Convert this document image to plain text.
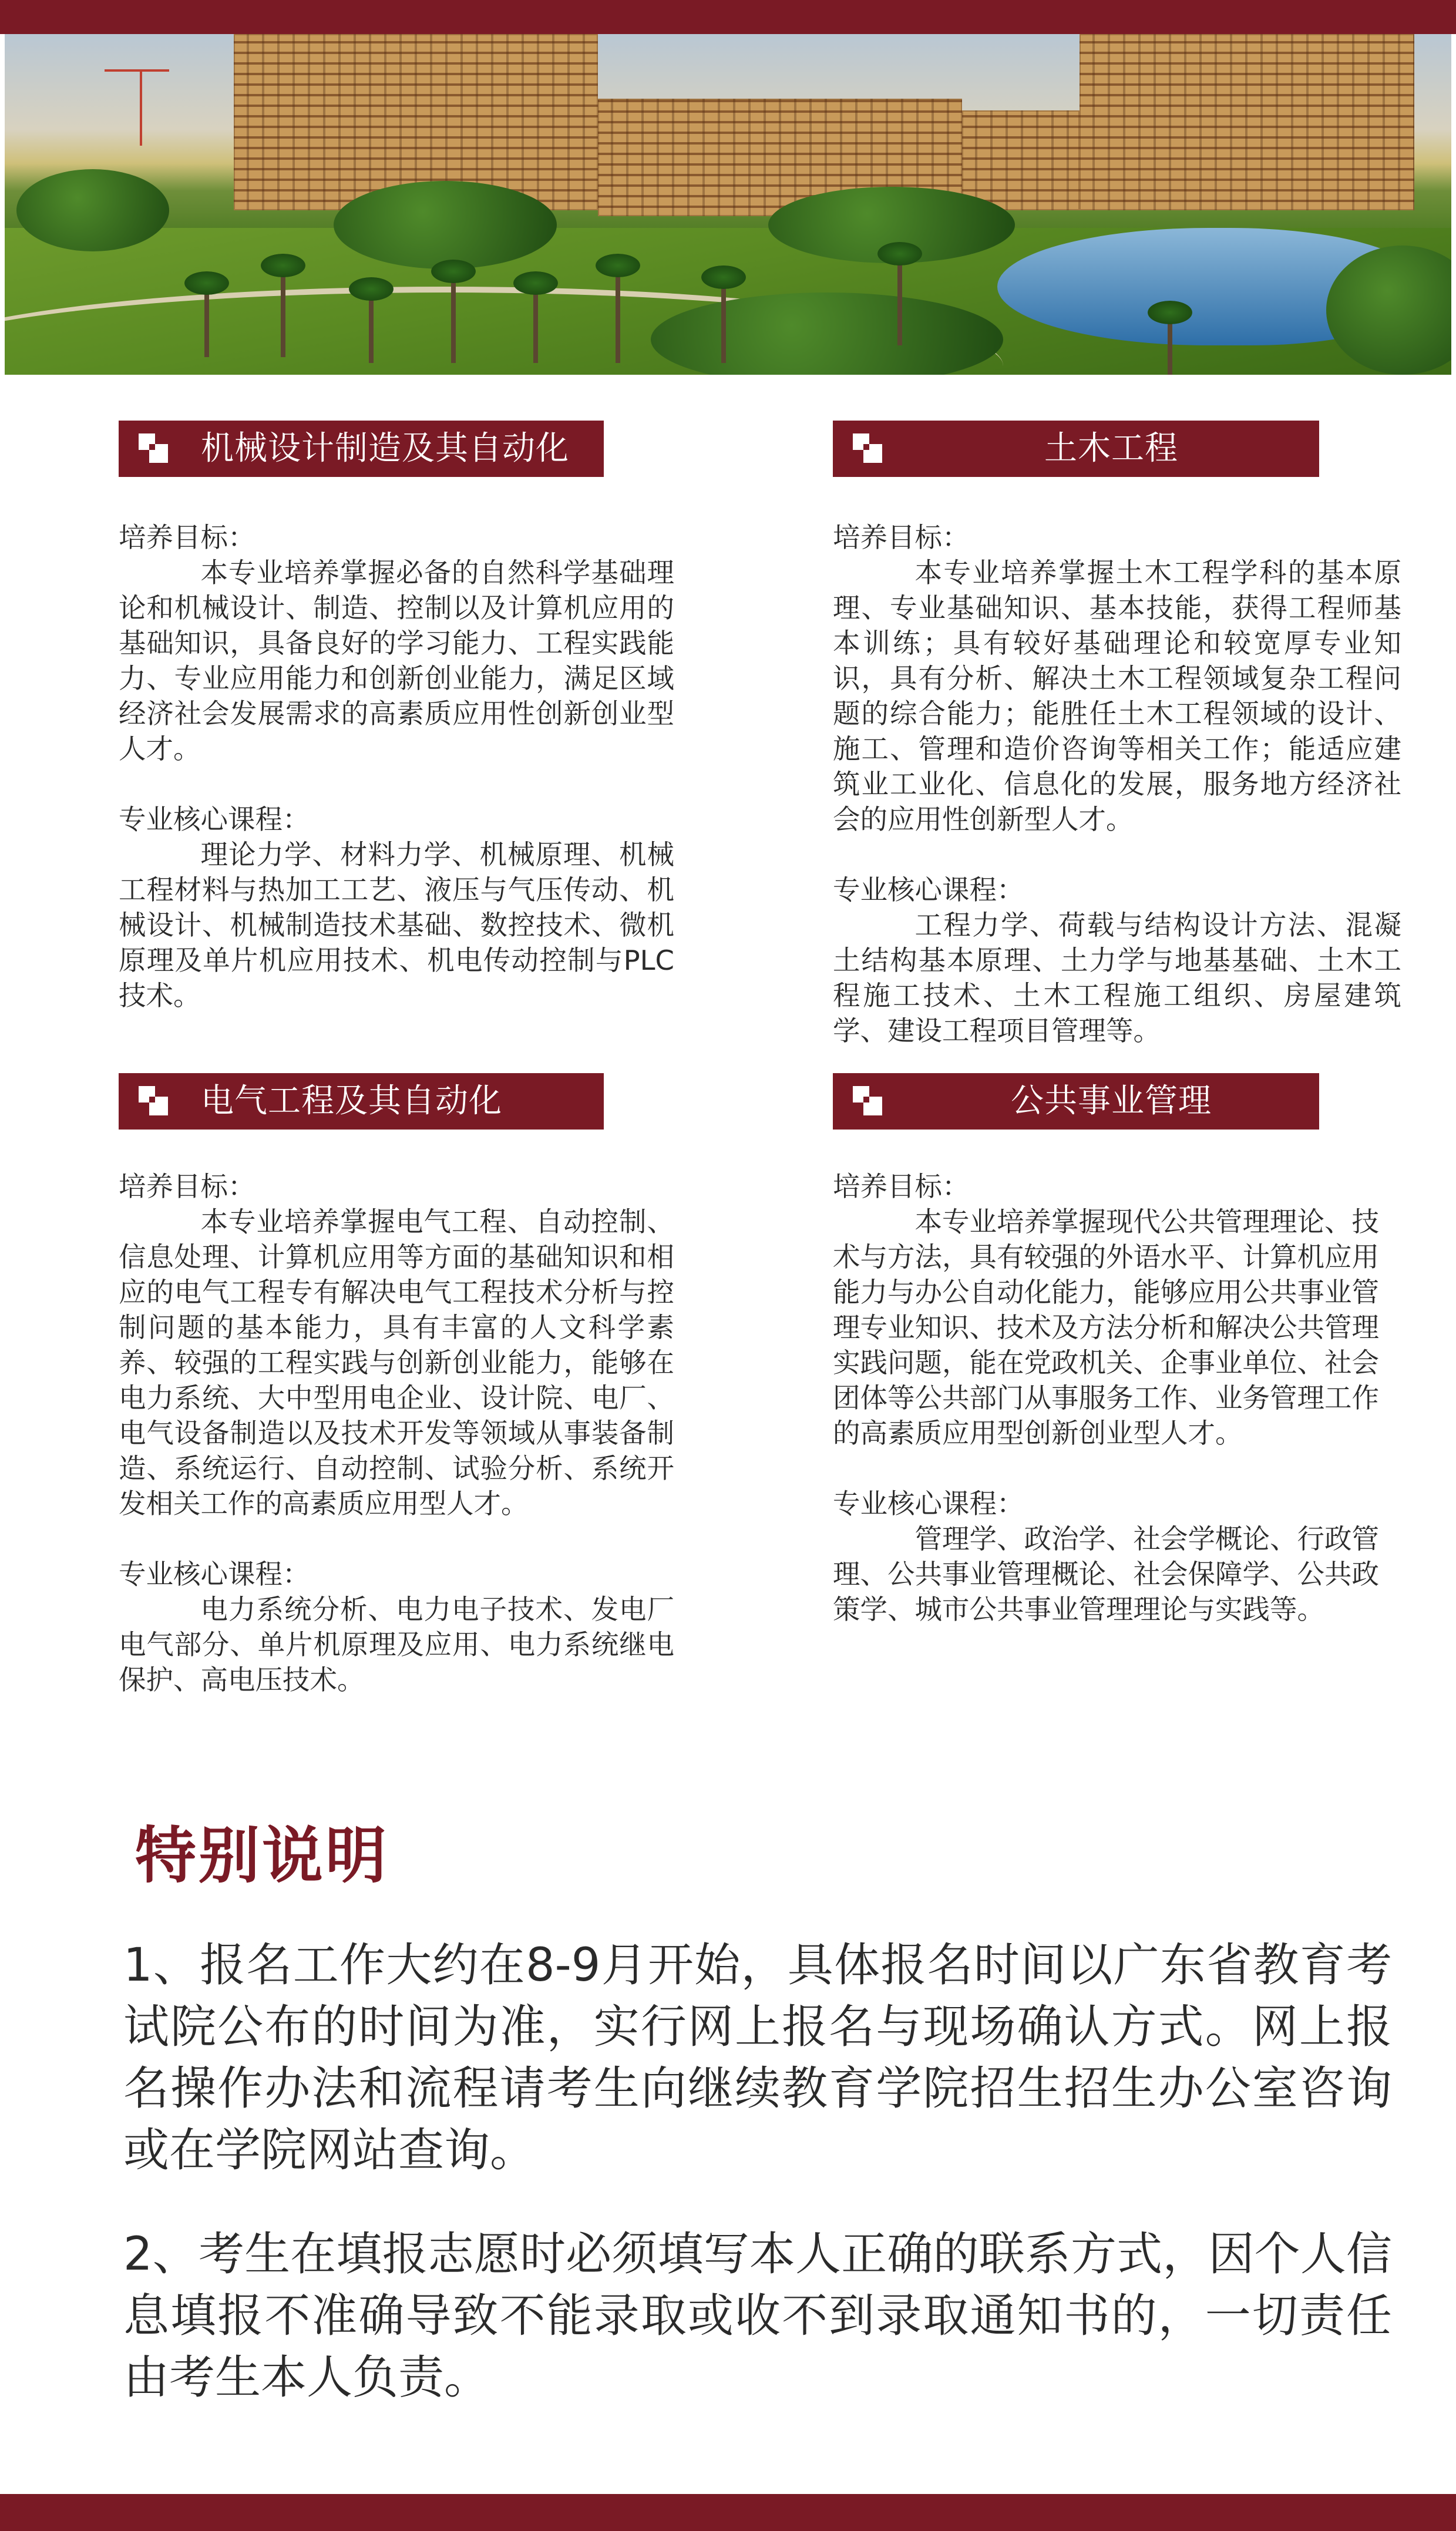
机械设计制造及其自动化
培养目标：

本专业培养掌握必备的自然科学基础理论和机械设计、制造、控制以及计算机应用的基础知识，具备良好的学习能力、工程实践能力、专业应用能力和创新创业能力，满足区域经济社会发展需求的高素质应用性创新创业型人才。

专业核心课程：

理论力学、材料力学、机械原理、机械工程材料与热加工工艺、液压与气压传动、机械设计、机械制造技术基础、数控技术、微机原理及单片机应用技术、机电传动控制与PLC技术。

土木工程
培养目标：

本专业培养掌握土木工程学科的基本原理、专业基础知识、基本技能，获得工程师基本训练；具有较好基础理论和较宽厚专业知识，具有分析、解决土木工程领域复杂工程问题的综合能力；能胜任土木工程领域的设计、施工、管理和造价咨询等相关工作；能适应建筑业工业化、信息化的发展，服务地方经济社会的应用性创新型人才。

专业核心课程：

工程力学、荷载与结构设计方法、混凝土结构基本原理、土力学与地基基础、土木工程施工技术、土木工程施工组织、房屋建筑学、建设工程项目管理等。

电气工程及其自动化
培养目标：

本专业培养掌握电气工程、自动控制、信息处理、计算机应用等方面的基础知识和相应的电气工程专有解决电气工程技术分析与控制问题的基本能力，具有丰富的人文科学素养、较强的工程实践与创新创业能力，能够在电力系统、大中型用电企业、设计院、电厂、电气设备制造以及技术开发等领域从事装备制造、系统运行、自动控制、试验分析、系统开发相关工作的高素质应用型人才。

专业核心课程：

电力系统分析、电力电子技术、发电厂电气部分、单片机原理及应用、电力系统继电保护、高电压技术。

公共事业管理
培养目标：

本专业培养掌握现代公共管理理论、技术与方法，具有较强的外语水平、计算机应用能力与办公自动化能力，能够应用公共事业管理专业知识、技术及方法分析和解决公共管理实践问题，能在党政机关、企事业单位、社会团体等公共部门从事服务工作、业务管理工作的高素质应用型创新创业型人才。

专业核心课程：

管理学、政治学、社会学概论、行政管理、公共事业管理概论、社会保障学、公共政策学、城市公共事业管理理论与实践等。

特别说明
1、报名工作大约在8-9月开始，具体报名时间以广东省教育考试院公布的时间为准，实行网上报名与现场确认方式。网上报名操作办法和流程请考生向继续教育学院招生招生办公室咨询或在学院网站查询。
2、考生在填报志愿时必须填写本人正确的联系方式，因个人信息填报不准确导致不能录取或收不到录取通知书的，一切责任由考生本人负责。
